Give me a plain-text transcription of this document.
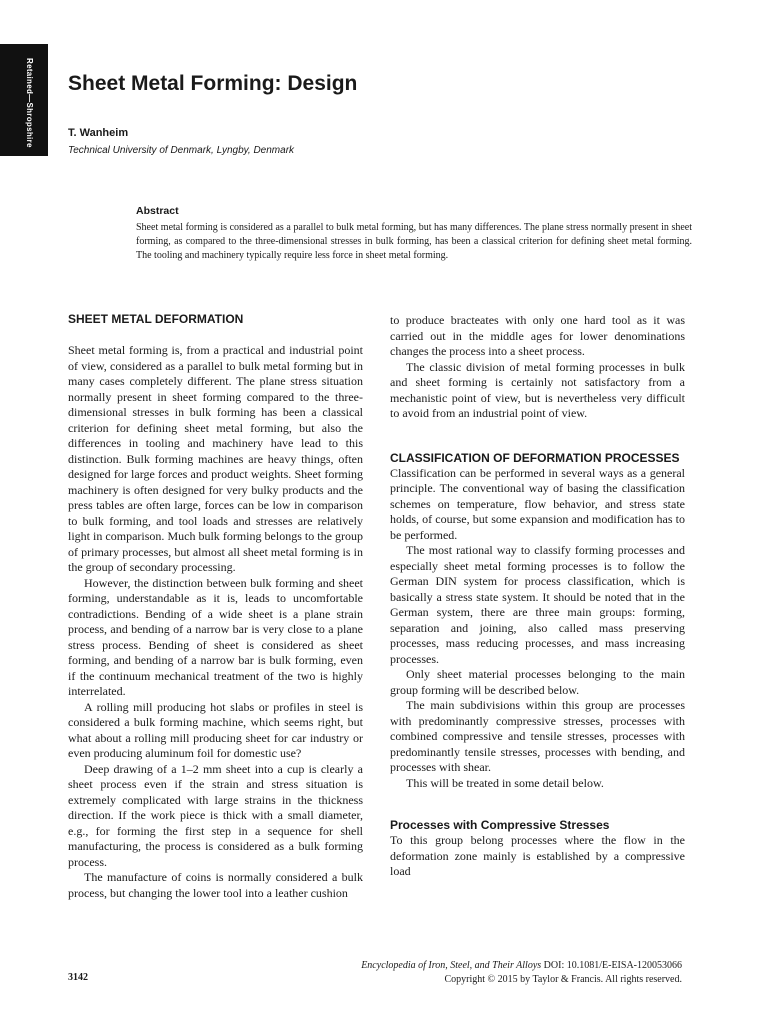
Retained—Shropshire Sheet Metal Forming: Design
T. Wanheim
Technical University of Denmark, Lyngby, Denmark
Abstract

Sheet metal forming is considered as a parallel to bulk metal forming, but has many differences. The plane stress normally present in sheet forming, as compared to the three-dimensional stresses in bulk forming, has been a classical criterion for defining sheet metal forming. The tooling and machinery typically require less force in sheet metal forming.

SHEET METAL DEFORMATION

Sheet metal forming is, from a practical and industrial point of view, considered as a parallel to bulk metal forming but in many cases completely different. The plane stress situation normally present in sheet forming compared to the three-dimensional stresses in bulk forming has been a classical criterion for defining sheet metal forming, but also the differences in tooling and machinery have lead to this distinction. Bulk forming machines are heavy things, often designed for large forces and product weights. Sheet forming machinery is often designed for very bulky products and the press tables are often large, forces can be low in comparison to bulk forming, and tool loads and stresses are relatively light in comparison. Much bulk forming belongs to the group of primary processes, but almost all sheet metal forming is in the group of secondary processing.

However, the distinction between bulk forming and sheet forming, understandable as it is, leads to uncomfortable contradictions. Bending of a wide sheet is a plane strain process, and bending of a narrow bar is very close to a plane stress process. Bending of sheet is considered as sheet forming, and bending of a narrow bar is bulk forming, even if the continuum mechanical treatment of the two is highly interrelated.

A rolling mill producing hot slabs or profiles in steel is considered a bulk forming machine, which seems right, but what about a rolling mill producing sheet for car industry or even producing aluminum foil for domestic use?

Deep drawing of a 1–2 mm sheet into a cup is clearly a sheet process even if the strain and stress situation is extremely complicated with large strains in the thickness direction. If the work piece is thick with a small diameter, e.g., for forming the first step in a sequence for shell manufacturing, the process is considered as a bulk forming process.

The manufacture of coins is normally considered a bulk process, but changing the lower tool into a leather cushion

to produce bracteates with only one hard tool as it was carried out in the middle ages for lower denominations changes the process into a sheet process.

The classic division of metal forming processes in bulk and sheet forming is certainly not satisfactory from a mechanistic point of view, but is nevertheless very difficult to avoid from an industrial point of view.

CLASSIFICATION OF DEFORMATION PROCESSES

Classification can be performed in several ways as a general principle. The conventional way of basing the classification schemes on temperature, flow behavior, and stress state holds, of course, but some expansion and modification has to be performed.

The most rational way to classify forming processes and especially sheet metal forming processes is to follow the German DIN system for process classification, which is basically a stress state system. It should be noted that in the German system, there are three main groups: forming, separation and joining, also called mass preserving processes, mass reducing processes, and mass increasing processes.

Only sheet material processes belonging to the main group forming will be described below.

The main subdivisions within this group are processes with predominantly compressive stresses, processes with combined compressive and tensile stresses, processes with predominantly tensile stresses, processes with bending, and processes with shear.

This will be treated in some detail below.

Processes with Compressive Stresses

To this group belong processes where the flow in the deformation zone mainly is established by a compressive load

Encyclopedia of Iron, Steel, and Their Alloys DOI: 10.1081/E-EISA-120053066
Copyright © 2015 by Taylor & Francis. All rights reserved.
3142
